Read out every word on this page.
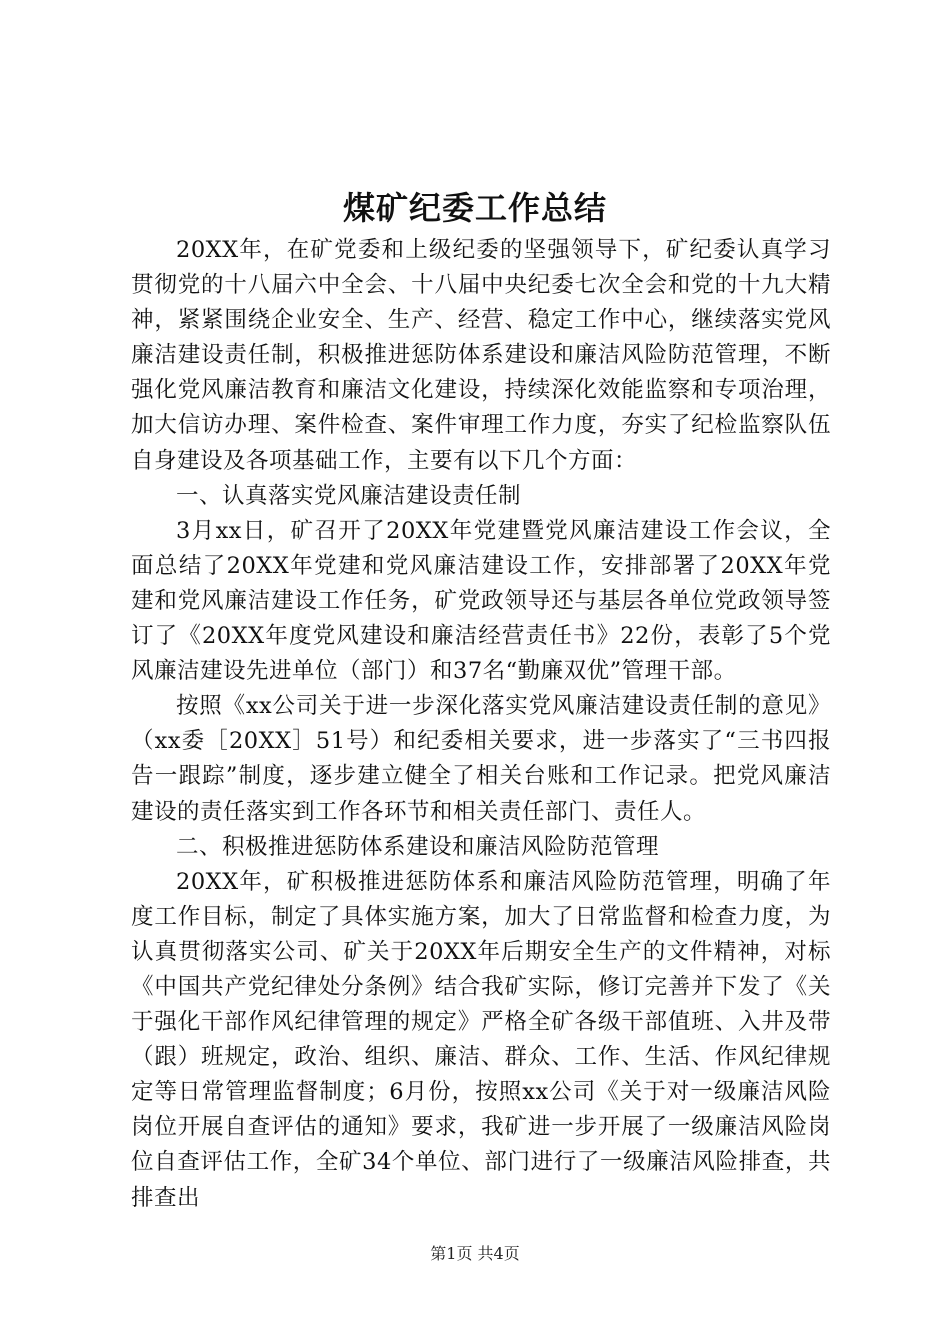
煤矿纪委工作总结

20XX年，在矿党委和上级纪委的坚强领导下，矿纪委认真学习贯彻党的十八届六中全会、十八届中央纪委七次全会和党的十九大精神，紧紧围绕企业安全、生产、经营、稳定工作中心，继续落实党风廉洁建设责任制，积极推进惩防体系建设和廉洁风险防范管理，不断强化党风廉洁教育和廉洁文化建设，持续深化效能监察和专项治理，加大信访办理、案件检查、案件审理工作力度，夯实了纪检监察队伍自身建设及各项基础工作，主要有以下几个方面：

一、认真落实党风廉洁建设责任制

3月xx日，矿召开了20XX年党建暨党风廉洁建设工作会议，全面总结了20XX年党建和党风廉洁建设工作，安排部署了20XX年党建和党风廉洁建设工作任务，矿党政领导还与基层各单位党政领导签订了《20XX年度党风建设和廉洁经营责任书》22份，表彰了5个党风廉洁建设先进单位（部门）和37名“勤廉双优”管理干部。

按照《xx公司关于进一步深化落实党风廉洁建设责任制的意见》（xx委［20XX］51号）和纪委相关要求，进一步落实了“三书四报告一跟踪”制度，逐步建立健全了相关台账和工作记录。把党风廉洁建设的责任落实到工作各环节和相关责任部门、责任人。

二、积极推进惩防体系建设和廉洁风险防范管理

20XX年，矿积极推进惩防体系和廉洁风险防范管理，明确了年度工作目标，制定了具体实施方案，加大了日常监督和检查力度，为认真贯彻落实公司、矿关于20XX年后期安全生产的文件精神，对标《中国共产党纪律处分条例》结合我矿实际，修订完善并下发了《关于强化干部作风纪律管理的规定》严格全矿各级干部值班、入井及带（跟）班规定，政治、组织、廉洁、群众、工作、生活、作风纪律规定等日常管理监督制度；6月份，按照xx公司《关于对一级廉洁风险岗位开展自查评估的通知》要求，我矿进一步开展了一级廉洁风险岗位自查评估工作，全矿34个单位、部门进行了一级廉洁风险排查，共排查出

第1页 共4页
